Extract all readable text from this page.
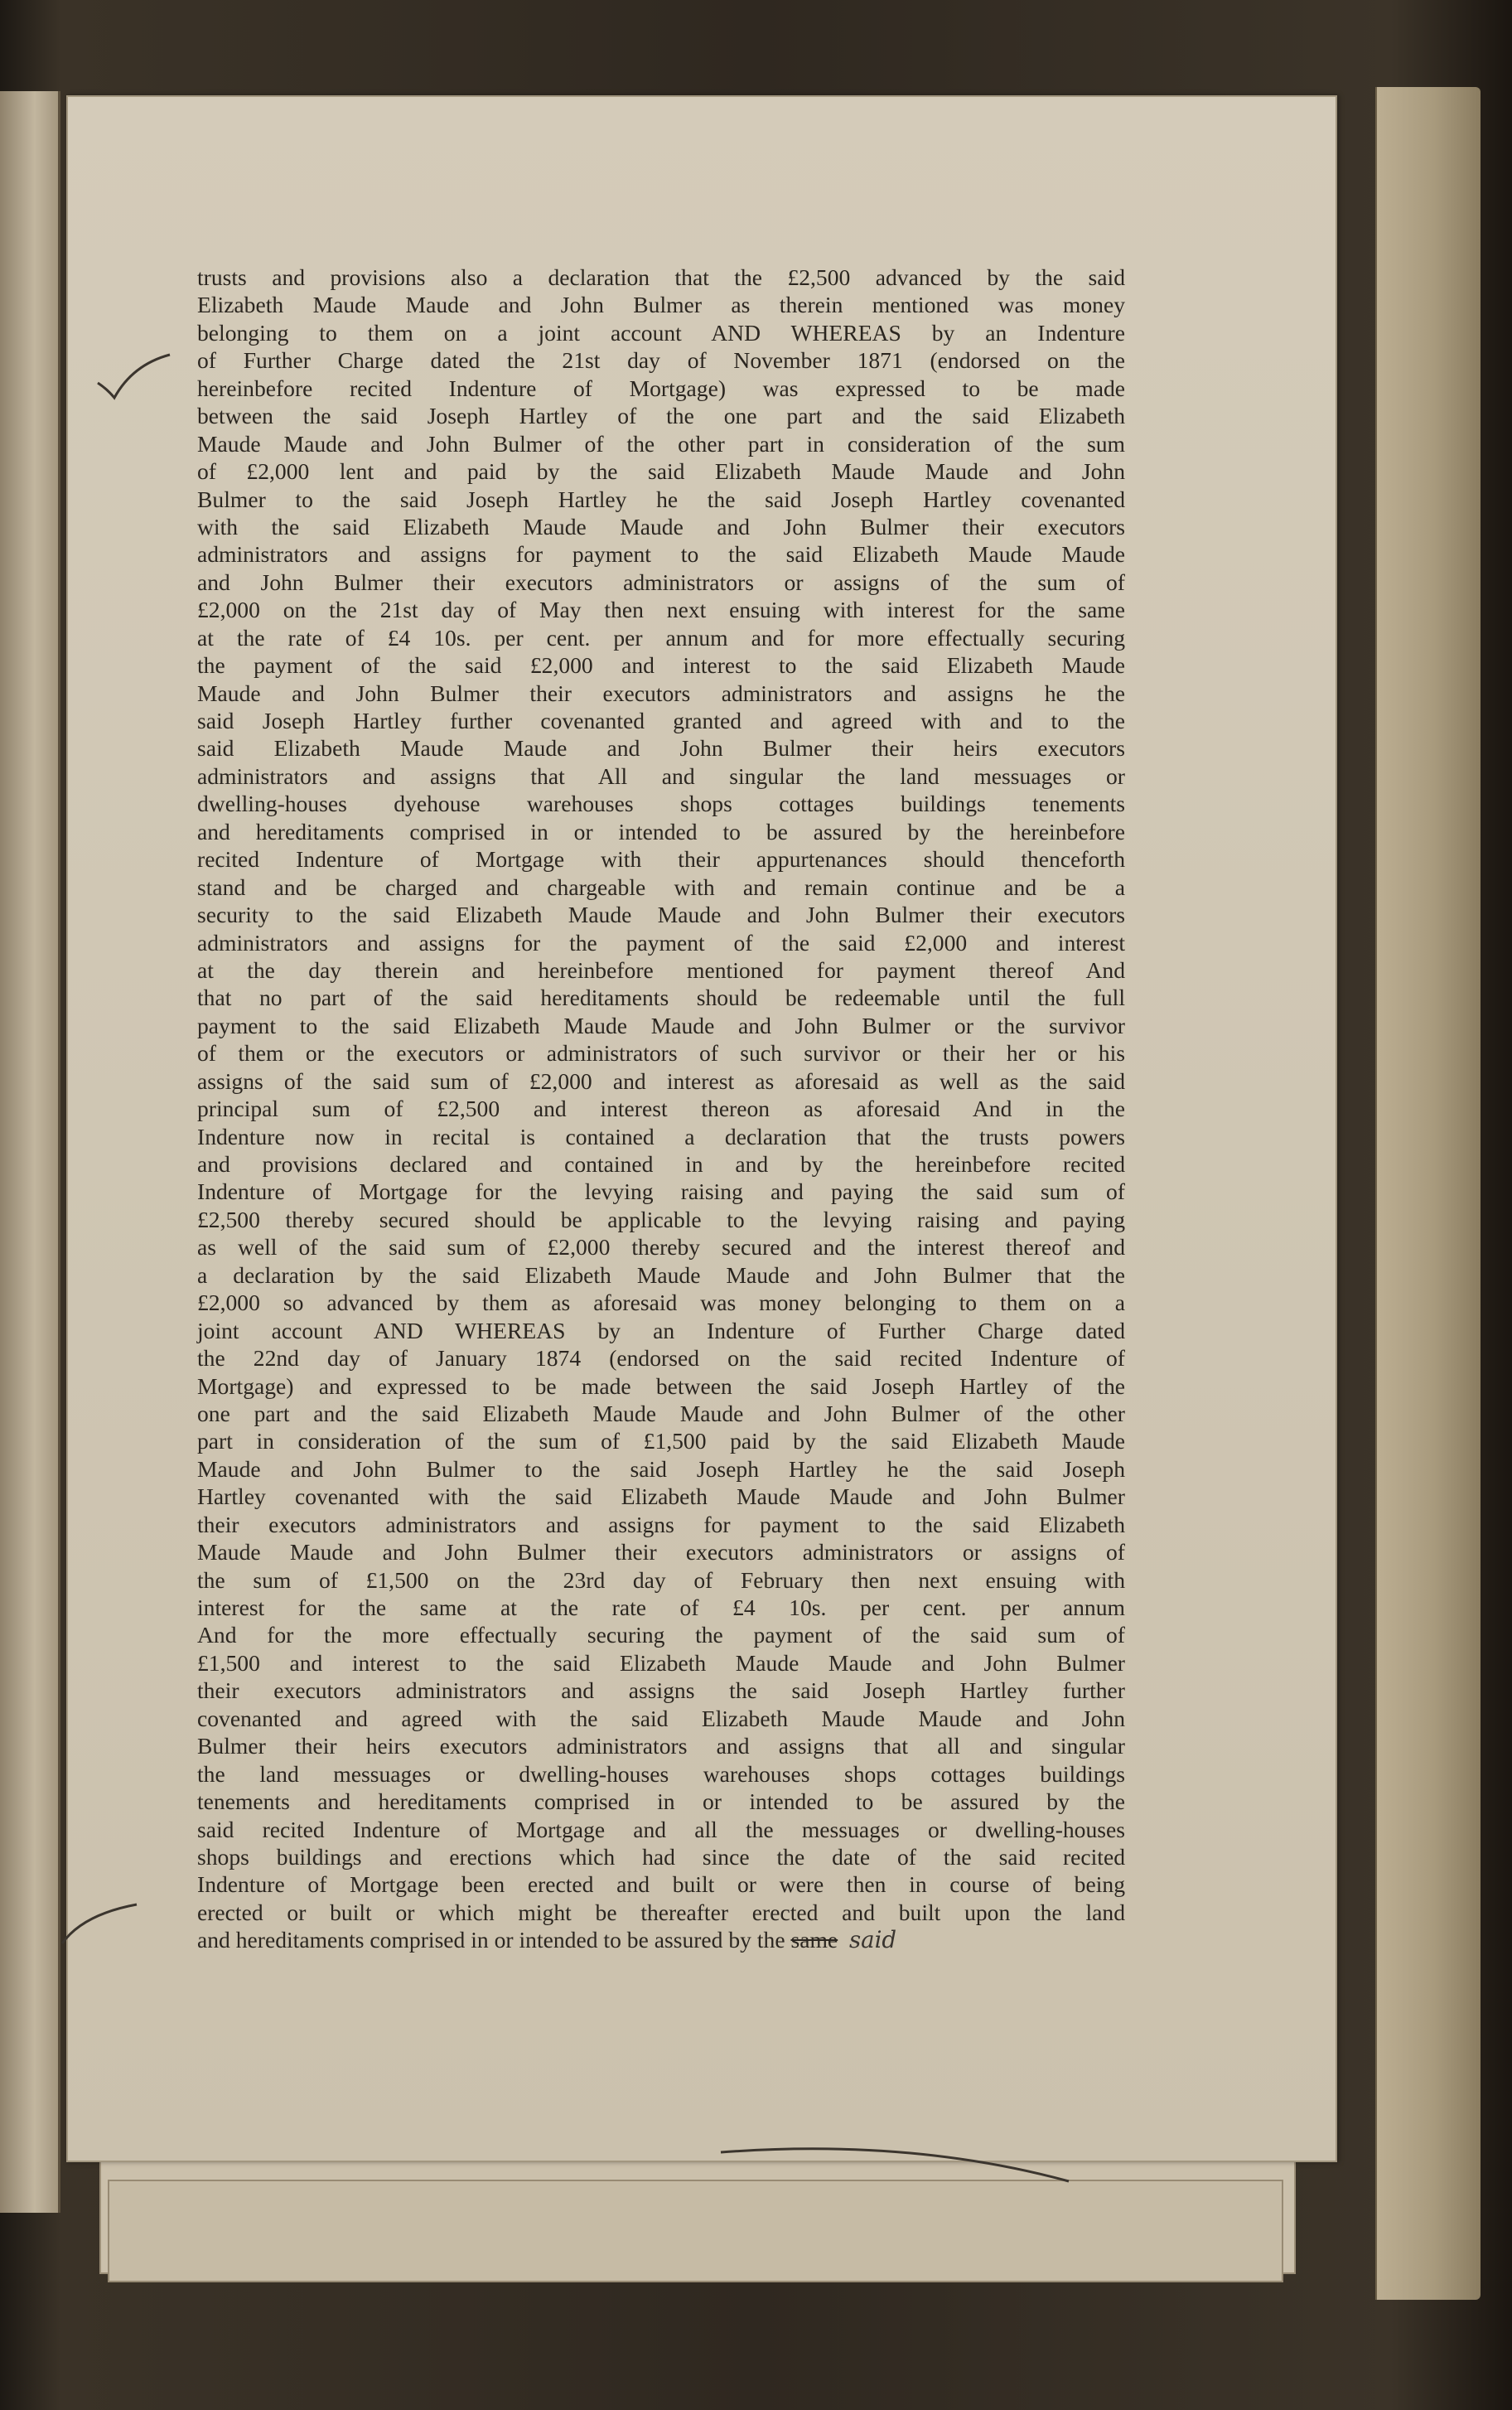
trusts and provisions also a declaration that the £2,500 advanced by the said
Elizabeth Maude Maude and John Bulmer as therein mentioned was money
belonging to them on a joint account AND WHEREAS by an Indenture
of Further Charge dated the 21st day of November 1871 (endorsed on the
hereinbefore recited Indenture of Mortgage) was expressed to be made
between the said Joseph Hartley of the one part and the said Elizabeth
Maude Maude and John Bulmer of the other part in consideration of the sum
of £2,000 lent and paid by the said Elizabeth Maude Maude and John
Bulmer to the said Joseph Hartley he the said Joseph Hartley covenanted
with the said Elizabeth Maude Maude and John Bulmer their executors
administrators and assigns for payment to the said Elizabeth Maude Maude
and John Bulmer their executors administrators or assigns of the sum of
£2,000 on the 21st day of May then next ensuing with interest for the same
at the rate of £4 10s. per cent. per annum and for more effectually securing
the payment of the said £2,000 and interest to the said Elizabeth Maude
Maude and John Bulmer their executors administrators and assigns he the
said Joseph Hartley further covenanted granted and agreed with and to the
said Elizabeth Maude Maude and John Bulmer their heirs executors
administrators and assigns that All and singular the land messuages or
dwelling-houses dyehouse warehouses shops cottages buildings tenements
and hereditaments comprised in or intended to be assured by the hereinbefore
recited Indenture of Mortgage with their appurtenances should thenceforth
stand and be charged and chargeable with and remain continue and be a
security to the said Elizabeth Maude Maude and John Bulmer their executors
administrators and assigns for the payment of the said £2,000 and interest
at the day therein and hereinbefore mentioned for payment thereof And
that no part of the said hereditaments should be redeemable until the full
payment to the said Elizabeth Maude Maude and John Bulmer or the survivor
of them or the executors or administrators of such survivor or their her or his
assigns of the said sum of £2,000 and interest as aforesaid as well as the said
principal sum of £2,500 and interest thereon as aforesaid And in the
Indenture now in recital is contained a declaration that the trusts powers
and provisions declared and contained in and by the hereinbefore recited
Indenture of Mortgage for the levying raising and paying the said sum of
£2,500 thereby secured should be applicable to the levying raising and paying
as well of the said sum of £2,000 thereby secured and the interest thereof and
a declaration by the said Elizabeth Maude Maude and John Bulmer that the
£2,000 so advanced by them as aforesaid was money belonging to them on a
joint account AND WHEREAS by an Indenture of Further Charge dated
the 22nd day of January 1874 (endorsed on the said recited Indenture of
Mortgage) and expressed to be made between the said Joseph Hartley of the
one part and the said Elizabeth Maude Maude and John Bulmer of the other
part in consideration of the sum of £1,500 paid by the said Elizabeth Maude
Maude and John Bulmer to the said Joseph Hartley he the said Joseph
Hartley covenanted with the said Elizabeth Maude Maude and John Bulmer
their executors administrators and assigns for payment to the said Elizabeth
Maude Maude and John Bulmer their executors administrators or assigns of
the sum of £1,500 on the 23rd day of February then next ensuing with
interest for the same at the rate of £4 10s. per cent. per annum
And for the more effectually securing the payment of the said sum of
£1,500 and interest to the said Elizabeth Maude Maude and John Bulmer
their executors administrators and assigns the said Joseph Hartley further
covenanted and agreed with the said Elizabeth Maude Maude and John
Bulmer their heirs executors administrators and assigns that all and singular
the land messuages or dwelling-houses warehouses shops cottages buildings
tenements and hereditaments comprised in or intended to be assured by the
said recited Indenture of Mortgage and all the messuages or dwelling-houses
shops buildings and erections which had since the date of the said recited
Indenture of Mortgage been erected and built or were then in course of being
erected or built or which might be thereafter erected and built upon the land
and hereditaments comprised in or intended to be assured by the same said
